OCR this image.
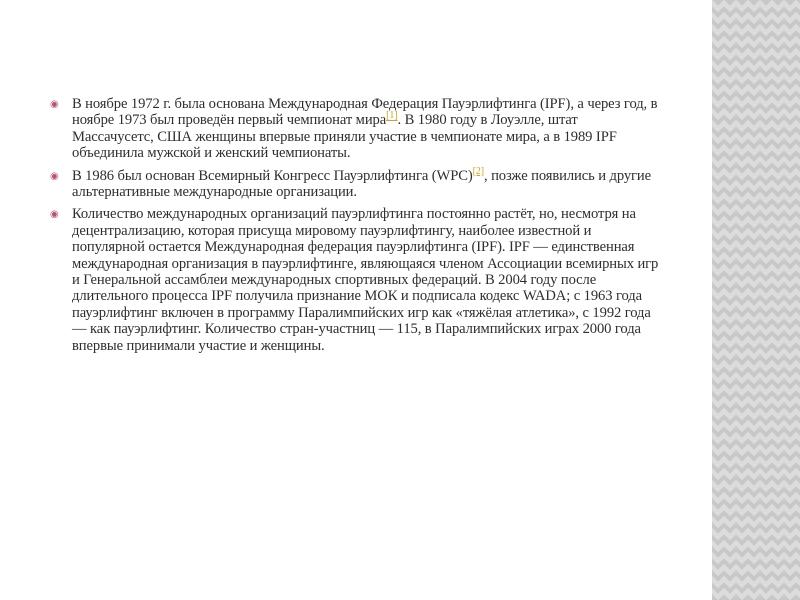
◉ В ноябре 1972 г. была основана Международная Федерация Пауэрлифтинга (IPF), а через год, в ноябре 1973 был проведён первый чемпионат мира[1]. В 1980 году в Лоуэлле, штат Массачусетс, США женщины впервые приняли участие в чемпионате мира, а в 1989 IPF объединила мужской и женский чемпионаты.
◉ В 1986 был основан Всемирный Конгресс Пауэрлифтинга (WPC)[2], позже появились и другие альтернативные международные организации.
◉ Количество международных организаций пауэрлифтинга постоянно растёт, но, несмотря на децентрализацию, которая присуща мировому пауэрлифтингу, наиболее известной и популярной остается Международная федерация пауэрлифтинга (IPF). IPF — единственная международная организация в пауэрлифтинге, являющаяся членом Ассоциации всемирных игр и Генеральной ассамблеи международных спортивных федераций. В 2004 году после длительного процесса IPF получила признание МОК и подписала кодекс WADA; с 1963 года пауэрлифтинг включен в программу Паралимпийских игр как «тяжёлая атлетика», с 1992 года — как пауэрлифтинг. Количество стран-участниц — 115, в Паралимпийских играх 2000 года впервые принимали участие и женщины.
